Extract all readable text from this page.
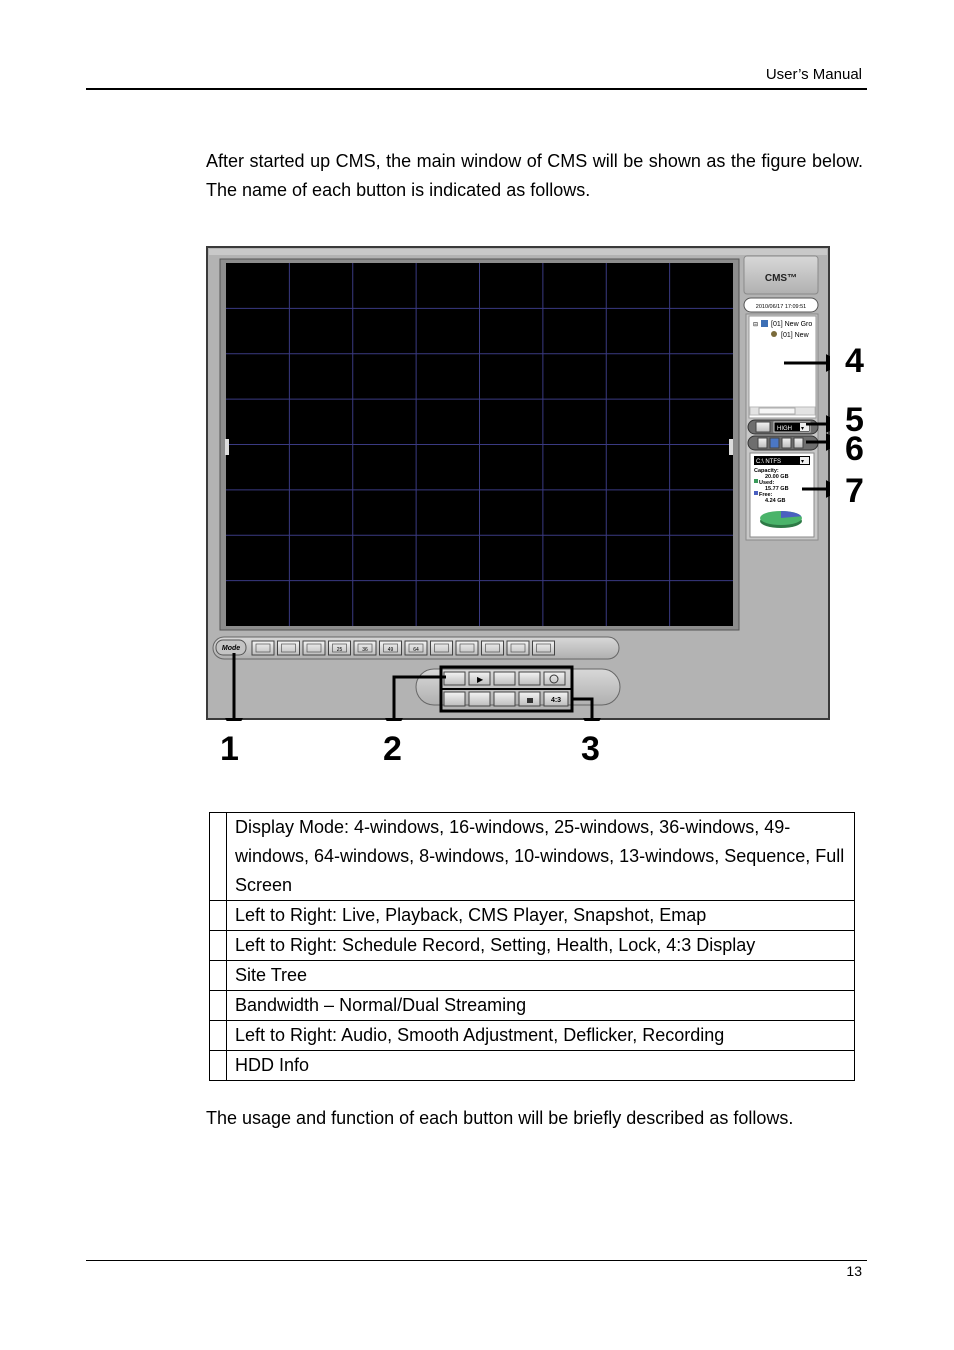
User’s Manual

After started up CMS, the main window of CMS will be shown as the figure below. The name of each button is indicated as follows.

CMS™
2010/06/17 17:09:51
⊟ [01] New Gro
[01] New
HIGH ▾
C:\ NTFS	▾
Capacity:
20.00 GB
Used:
15.77 GB
Free:
4.24 GB
Mode	25	36	49	64
▶
4:3
1	2	3
4
5
6
7
	Display Mode: 4-windows, 16-windows, 25-windows, 36-windows, 49-windows, 64-windows, 8-windows, 10-windows, 13-windows, Sequence, Full Screen
	Left to Right: Live, Playback, CMS Player, Snapshot, Emap
	Left to Right: Schedule Record, Setting, Health, Lock, 4:3 Display
	Site Tree
	Bandwidth – Normal/Dual Streaming
	Left to Right: Audio, Smooth Adjustment, Deflicker, Recording
	HDD Info

The usage and function of each button will be briefly described as follows.

13
